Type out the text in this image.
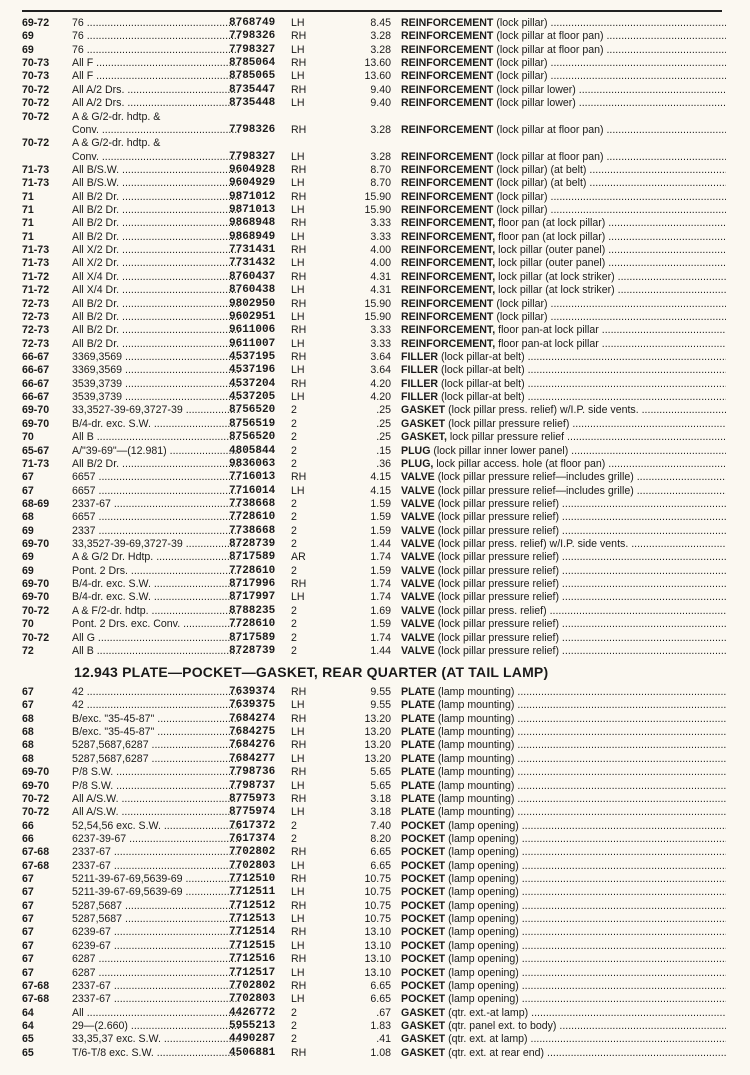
69-72 76 .....	8768749 LH	8.45 REINFORCEMENT (lock pillar) .....
69	76 .....	7798326 RH	3.28 REINFORCEMENT (lock pillar at floor pan) .....
69	76 .....	7798327 LH	3.28 REINFORCEMENT (lock pillar at floor pan) .....
70-73 All F .....	8785064 RH	13.60 REINFORCEMENT (lock pillar) .....
70-73 All F .....	8785065 LH	13.60 REINFORCEMENT (lock pillar) .....
70-72 All A/2 Drs. .....	8735447 RH	9.40 REINFORCEMENT (lock pillar lower) .....
70-72 All A/2 Drs. .....	8735448 LH	9.40 REINFORCEMENT (lock pillar lower) .....
70-72 A & G/2-dr. hdtp. &
Conv. .....	7798326 RH	3.28 REINFORCEMENT (lock pillar at floor pan) .....
70-72 A & G/2-dr. hdtp. &
Conv. .....	7798327 LH	3.28 REINFORCEMENT (lock pillar at floor pan) .....
71-73 All B/S.W. .....	9604928 RH	8.70 REINFORCEMENT (lock pillar) (at belt) .....
71-73 All B/S.W. .....	9604929 LH	8.70 REINFORCEMENT (lock pillar) (at belt) .....
71	All B/2 Dr. .....	9871012 RH	15.90 REINFORCEMENT (lock pillar) .....
71	All B/2 Dr. .....	9871013 LH	15.90 REINFORCEMENT (lock pillar) .....
71	All B/2 Dr. .....	9868948 RH	3.33 REINFORCEMENT, floor pan (at lock pillar) .....
71	All B/2 Dr. .....	9868949 LH	3.33 REINFORCEMENT, floor pan (at lock pillar) .....
71-73 All X/2 Dr. .....	7731431 RH	4.00 REINFORCEMENT, lock pillar (outer panel) .....
71-73 All X/2 Dr. .....	7731432 LH	4.00 REINFORCEMENT, lock pillar (outer panel) .....
71-72 All X/4 Dr. .....	8760437 RH	4.31 REINFORCEMENT, lock pillar (at lock striker) .....
71-72 All X/4 Dr. .....	8760438 LH	4.31 REINFORCEMENT, lock pillar (at lock striker) .....
72-73 All B/2 Dr. .....	9802950 RH	15.90 REINFORCEMENT (lock pillar) .....
72-73 All B/2 Dr. .....	9602951 LH	15.90 REINFORCEMENT (lock pillar) .....
72-73 All B/2 Dr. .....	9611006 RH	3.33 REINFORCEMENT, floor pan-at lock pillar .....
72-73 All B/2 Dr. .....	9611007 LH	3.33 REINFORCEMENT, floor pan-at lock pillar .....
66-67 3369,3569 .....	4537195 RH	3.64 FILLER (lock pillar-at belt) .....
66-67 3369,3569 .....	4537196 LH	3.64 FILLER (lock pillar-at belt) .....
66-67 3539,3739 .....	4537204 RH	4.20 FILLER (lock pillar-at belt) .....
66-67 3539,3739 .....	4537205 LH	4.20 FILLER (lock pillar-at belt) .....
69-70 33,3527-39-69,3727-39 .....	8756520 2	.25 GASKET (lock pillar press. relief) w/I.P. side vents. .....
69-70 B/4-dr. exc. S.W. .....	8756519 2	.25 GASKET (lock pillar pressure relief) .....
70	All B .....	8756520 2	.25 GASKET, lock pillar pressure relief .....
65-67 A/"39-69"—(12.981) .....	4805844 2	.15 PLUG (lock pillar inner lower panel) .....
71-73 All B/2 Dr. .....	9836063 2	.36 PLUG, lock pillar access. hole (at floor pan) .....
67	6657 .....	7716013 RH	4.15 VALVE (lock pillar pressure relief—includes grille) .....
67	6657 .....	7716014 LH	4.15 VALVE (lock pillar pressure relief—includes grille) .....
68-69 2337-67 .....	7738668 2	1.59 VALVE (lock pillar pressure relief) .....
68	6657 .....	7728610 2	1.59 VALVE (lock pillar pressure relief) .....
69	2337 .....	7738668 2	1.59 VALVE (lock pillar pressure relief) .....
69-70 33,3527-39-69,3727-39 .....	8728739 2	1.44 VALVE (lock pillar press. relief) w/I.P. side vents. .....
69	A & G/2 Dr. Hdtp. .....	8717589 AR	1.74 VALVE (lock pillar pressure relief) .....
69	Pont. 2 Drs. .....	7728610 2	1.59 VALVE (lock pillar pressure relief) .....
69-70 B/4-dr. exc. S.W. .....	8717996 RH	1.74 VALVE (lock pillar pressure relief) .....
69-70 B/4-dr. exc. S.W. .....	8717997 LH	1.74 VALVE (lock pillar pressure relief) .....
70-72 A & F/2-dr. hdtp. .....	8788235 2	1.69 VALVE (lock pillar press. relief) .....
70	Pont. 2 Drs. exc. Conv. .....	7728610 2	1.59 VALVE (lock pillar pressure relief) .....
70-72 All G .....	8717589 2	1.74 VALVE (lock pillar pressure relief) .....
72	All B .....	8728739 2	1.44 VALVE (lock pillar pressure relief) .....
12.943 PLATE—POCKET—GASKET, REAR QUARTER (AT TAIL LAMP)
67	42 .....	7639374 RH	9.55 PLATE (lamp mounting) .....
67	42 .....	7639375 LH	9.55 PLATE (lamp mounting) .....
68	B/exc. "35-45-87" .....	7684274 RH	13.20 PLATE (lamp mounting) .....
68	B/exc. "35-45-87" .....	7684275 LH	13.20 PLATE (lamp mounting) .....
68	5287,5687,6287 .....	7684276 RH	13.20 PLATE (lamp mounting) .....
68	5287,5687,6287 .....	7684277 LH	13.20 PLATE (lamp mounting) .....
69-70 P/8 S.W. .....	7798736 RH	5.65 PLATE (lamp mounting) .....
69-70 P/8 S.W. .....	7798737 LH	5.65 PLATE (lamp mounting) .....
70-72 All A/S.W. .....	8775973 RH	3.18 PLATE (lamp mounting) .....
70-72 All A/S.W. .....	8775974 LH	3.18 PLATE (lamp mounting) .....
66	52,54,56 exc. S.W. .....	7617372 2	7.40 POCKET (lamp opening) .....
66	6237-39-67 .....	7617374 2	8.20 POCKET (lamp opening) .....
67-68 2337-67 .....	7702802 RH	6.65 POCKET (lamp opening) .....
67-68 2337-67 .....	7702803 LH	6.65 POCKET (lamp opening) .....
67	5211-39-67-69,5639-69 .....	7712510 RH	10.75 POCKET (lamp opening) .....
67	5211-39-67-69,5639-69 .....	7712511 LH	10.75 POCKET (lamp opening) .....
67	5287,5687 .....	7712512 RH	10.75 POCKET (lamp opening) .....
67	5287,5687 .....	7712513 LH	10.75 POCKET (lamp opening) .....
67	6239-67 .....	7712514 RH	13.10 POCKET (lamp opening) .....
67	6239-67 .....	7712515 LH	13.10 POCKET (lamp opening) .....
67	6287 .....	7712516 RH	13.10 POCKET (lamp opening) .....
67	6287 .....	7712517 LH	13.10 POCKET (lamp opening) .....
67-68 2337-67 .....	7702802 RH	6.65 POCKET (lamp opening) .....
67-68 2337-67 .....	7702803 LH	6.65 POCKET (lamp opening) .....
64	All .....	4426772 2	.67 GASKET (qtr. ext.-at lamp) .....
64	29—(2.660) .....	5955213 2	1.83 GASKET (qtr. panel ext. to body) .....
65	33,35,37 exc. S.W. .....	4490287 2	.41 GASKET (qtr. ext. at lamp) .....
65	T/6-T/8 exc. S.W. .....	4506881 RH	1.08 GASKET (qtr. ext. at rear end) .....
